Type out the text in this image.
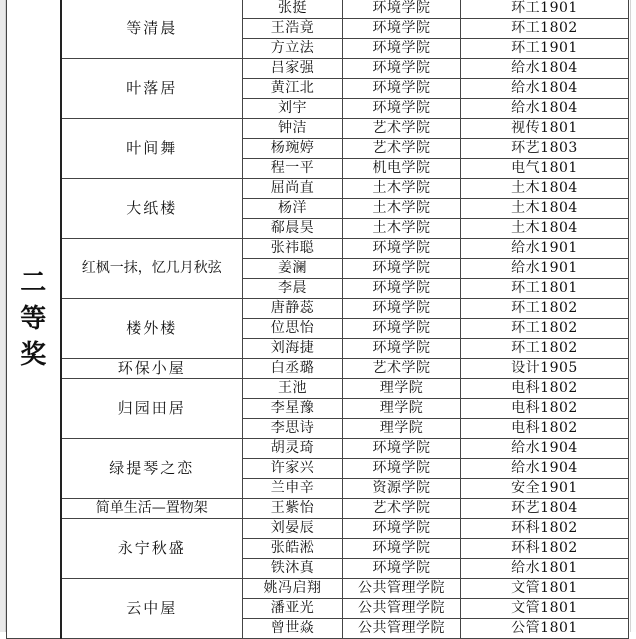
二等奖	等清晨	张挺	环境学院	环工1901
		王浩竟	环境学院	环工1802
		方立法	环境学院	环工1901
	叶落居	吕家强	环境学院	给水1804
		黄江北	环境学院	给水1804
		刘宇	环境学院	给水1804
	叶间舞	钟洁	艺术学院	视传1801
		杨琬婷	艺术学院	环艺1803
		程一平	机电学院	电气1801
	大纸楼	屈尚直	土木学院	土木1804
		杨洋	土木学院	土木1804
		郗晨昊	土木学院	土木1804
	红枫一抹，忆几月秋弦	张祎聪	环境学院	给水1901
		姜澜	环境学院	给水1901
		李晨	环境学院	环工1801
	楼外楼	唐静蕊	环境学院	环工1802
		位思怡	环境学院	环工1802
		刘海捷	环境学院	环工1802
	环保小屋	白丞璐	艺术学院	设计1905
	归园田居	王池	理学院	电科1802
		李星豫	理学院	电科1802
		李思诗	理学院	电科1802
	绿提琴之恋	胡灵琦	环境学院	给水1904
		许家兴	环境学院	给水1904
		兰申辛	资源学院	安全1901
	简单生活—置物架	王紫怡	艺术学院	环艺1804
	永宁秋盛	刘晏辰	环境学院	环科1802
		张皓淞	环境学院	环科1802
		铁沐真	环境学院	给水1801
	云中屋	姚冯启翔	公共管理学院	文管1801
		潘亚光	公共管理学院	文管1801
		曾世焱	公共管理学院	公管1801
